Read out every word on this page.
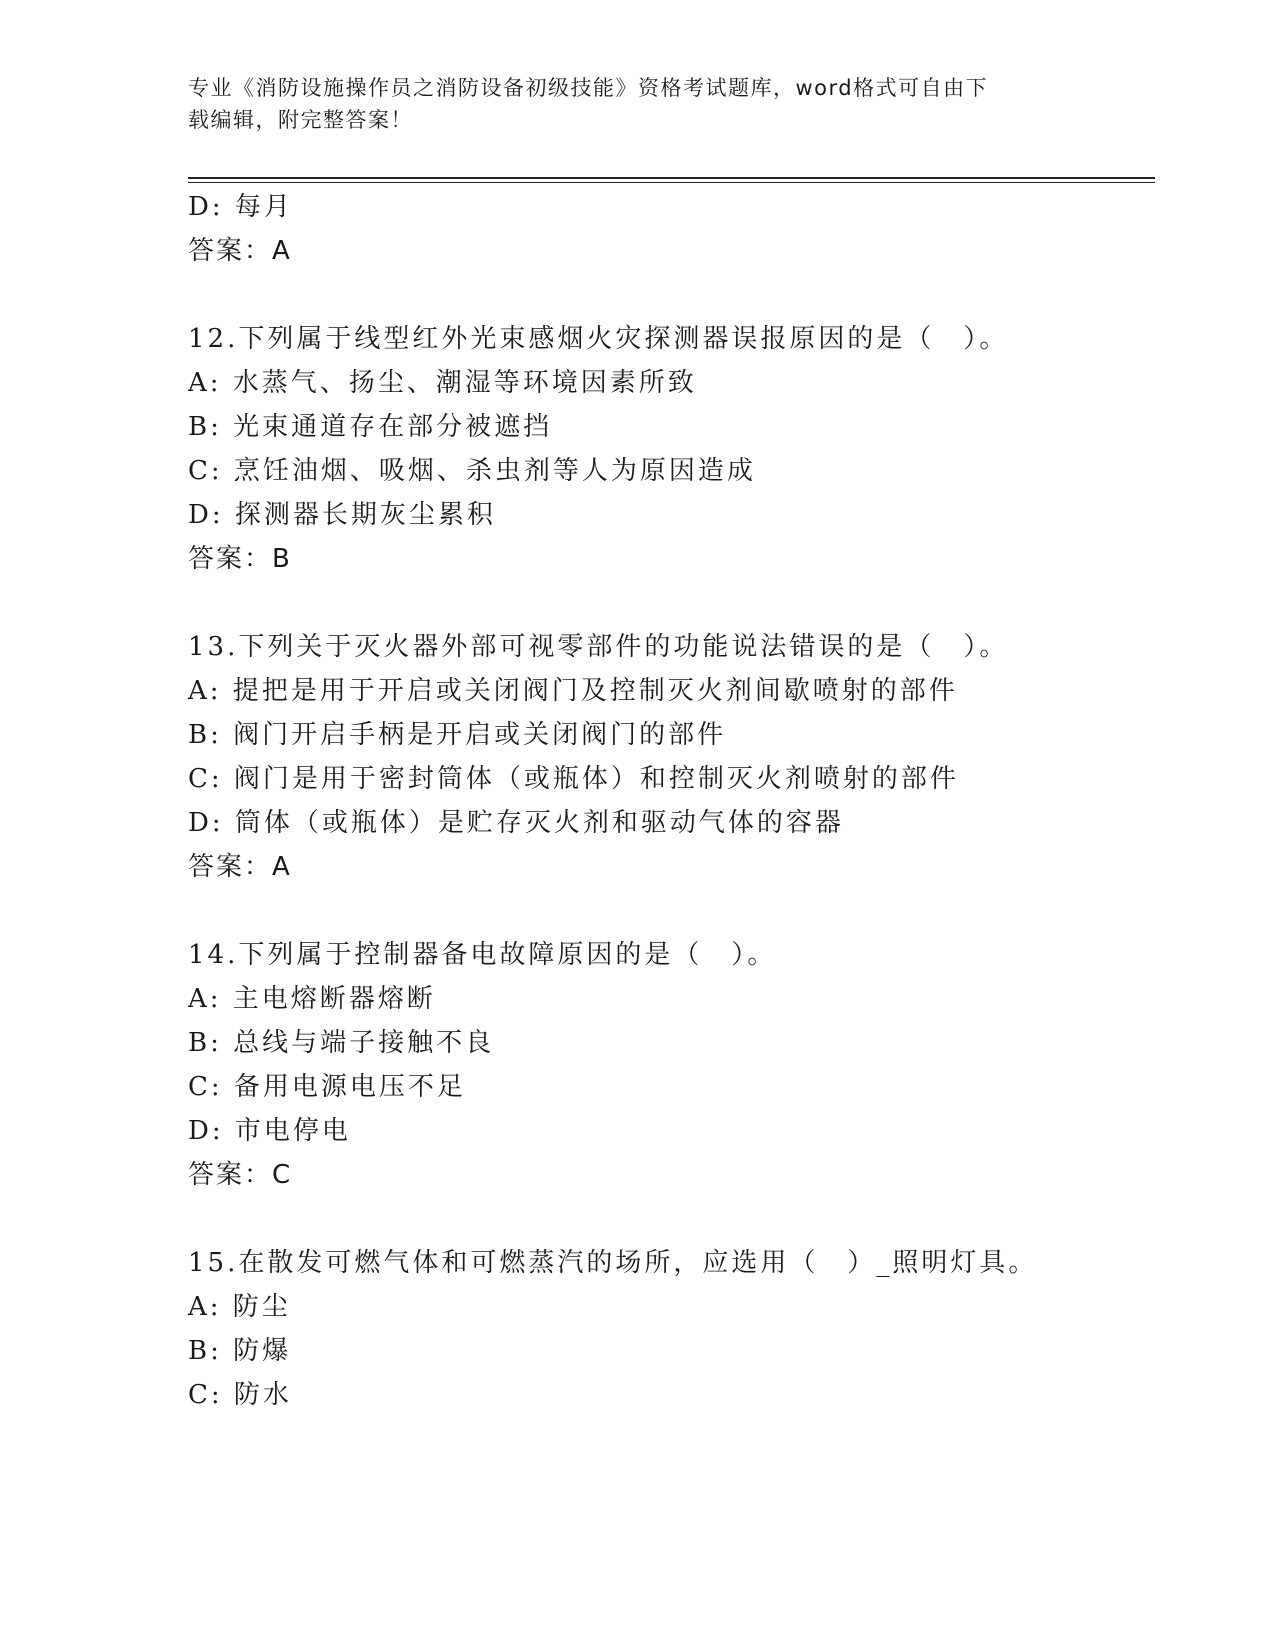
专业《消防设施操作员之消防设备初级技能》资格考试题库，word格式可自由下
载编辑，附完整答案！
D: 每月
答案：A
12.下列属于线型红外光束感烟火灾探测器误报原因的是（　）。
A: 水蒸气、扬尘、潮湿等环境因素所致
B: 光束通道存在部分被遮挡
C: 烹饪油烟、吸烟、杀虫剂等人为原因造成
D: 探测器长期灰尘累积
答案：B
13.下列关于灭火器外部可视零部件的功能说法错误的是（　）。
A: 提把是用于开启或关闭阀门及控制灭火剂间歇喷射的部件
B: 阀门开启手柄是开启或关闭阀门的部件
C: 阀门是用于密封筒体（或瓶体）和控制灭火剂喷射的部件
D: 筒体（或瓶体）是贮存灭火剂和驱动气体的容器
答案：A
14.下列属于控制器备电故障原因的是（　）。
A: 主电熔断器熔断
B: 总线与端子接触不良
C: 备用电源电压不足
D: 市电停电
答案：C
15.在散发可燃气体和可燃蒸汽的场所，应选用（　）_照明灯具。
A: 防尘
B: 防爆
C: 防水
